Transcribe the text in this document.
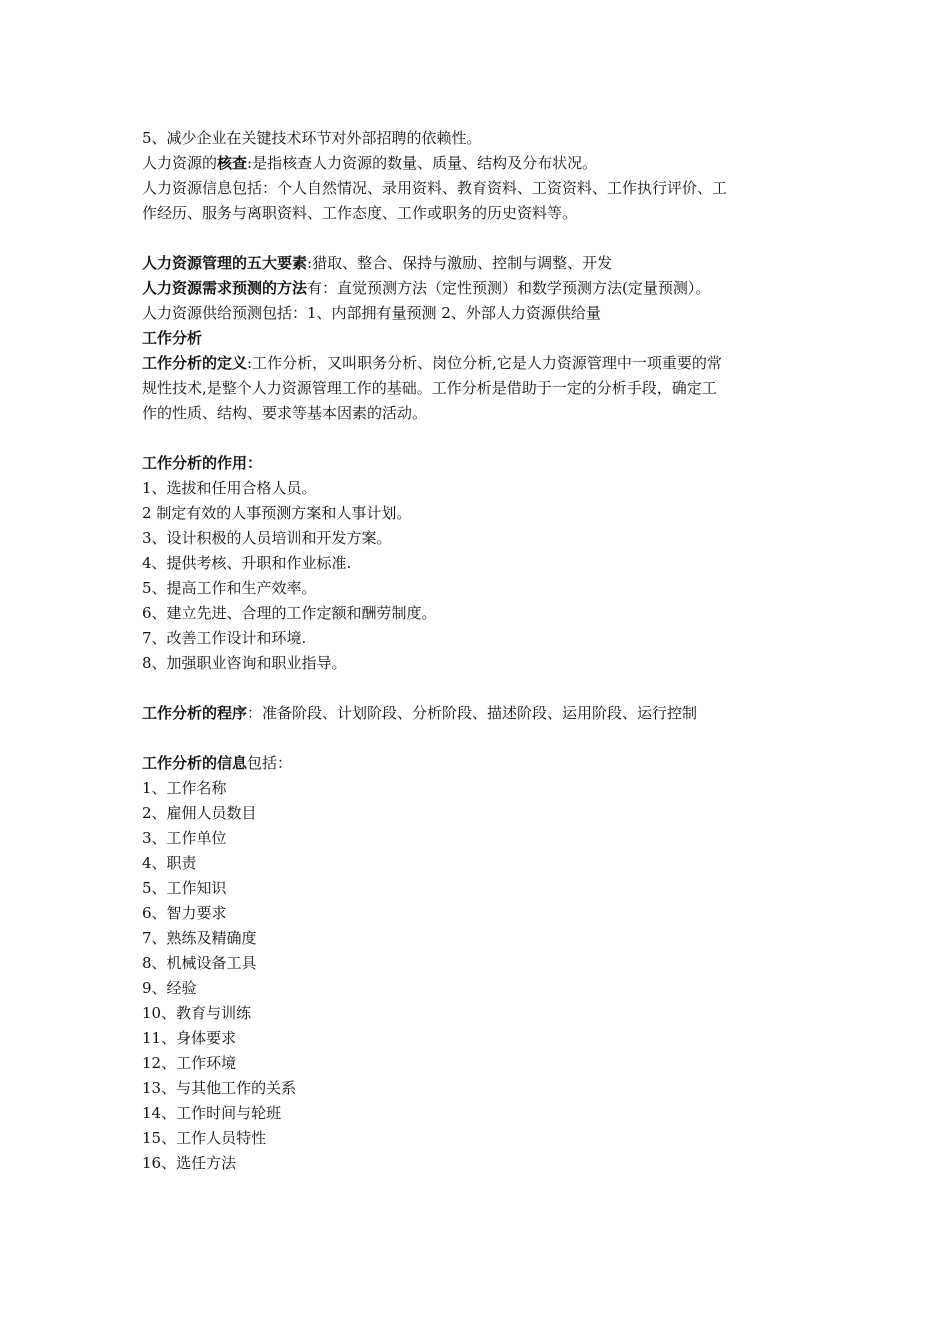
5、减少企业在关键技术环节对外部招聘的依赖性。
人力资源的核查:是指核查人力资源的数量、质量、结构及分布状况。
人力资源信息包括：个人自然情况、录用资料、教育资料、工资资料、工作执行评价、工
作经历、服务与离职资料、工作态度、工作或职务的历史资料等。
人力资源管理的五大要素:猎取、整合、保持与激励、控制与调整、开发
人力资源需求预测的方法有：直觉预测方法（定性预测）和数学预测方法(定量预测）。
人力资源供给预测包括：1、内部拥有量预测 2、外部人力资源供给量
工作分析
工作分析的定义:工作分析，又叫职务分析、岗位分析,它是人力资源管理中一项重要的常
规性技术,是整个人力资源管理工作的基础。工作分析是借助于一定的分析手段，确定工
作的性质、结构、要求等基本因素的活动。
工作分析的作用：
1、选拔和任用合格人员。
2 制定有效的人事预测方案和人事计划。
3、设计积极的人员培训和开发方案。
4、提供考核、升职和作业标准.
5、提高工作和生产效率。
6、建立先进、合理的工作定额和酬劳制度。
7、改善工作设计和环境.
8、加强职业咨询和职业指导。
工作分析的程序：准备阶段、计划阶段、分析阶段、描述阶段、运用阶段、运行控制
工作分析的信息包括：
1、工作名称
2、雇佣人员数目
3、工作单位
4、职责
5、工作知识
6、智力要求
7、熟练及精确度
8、机械设备工具
9、经验
10、教育与训练
11、身体要求
12、工作环境
13、与其他工作的关系
14、工作时间与轮班
15、工作人员特性
16、选任方法
